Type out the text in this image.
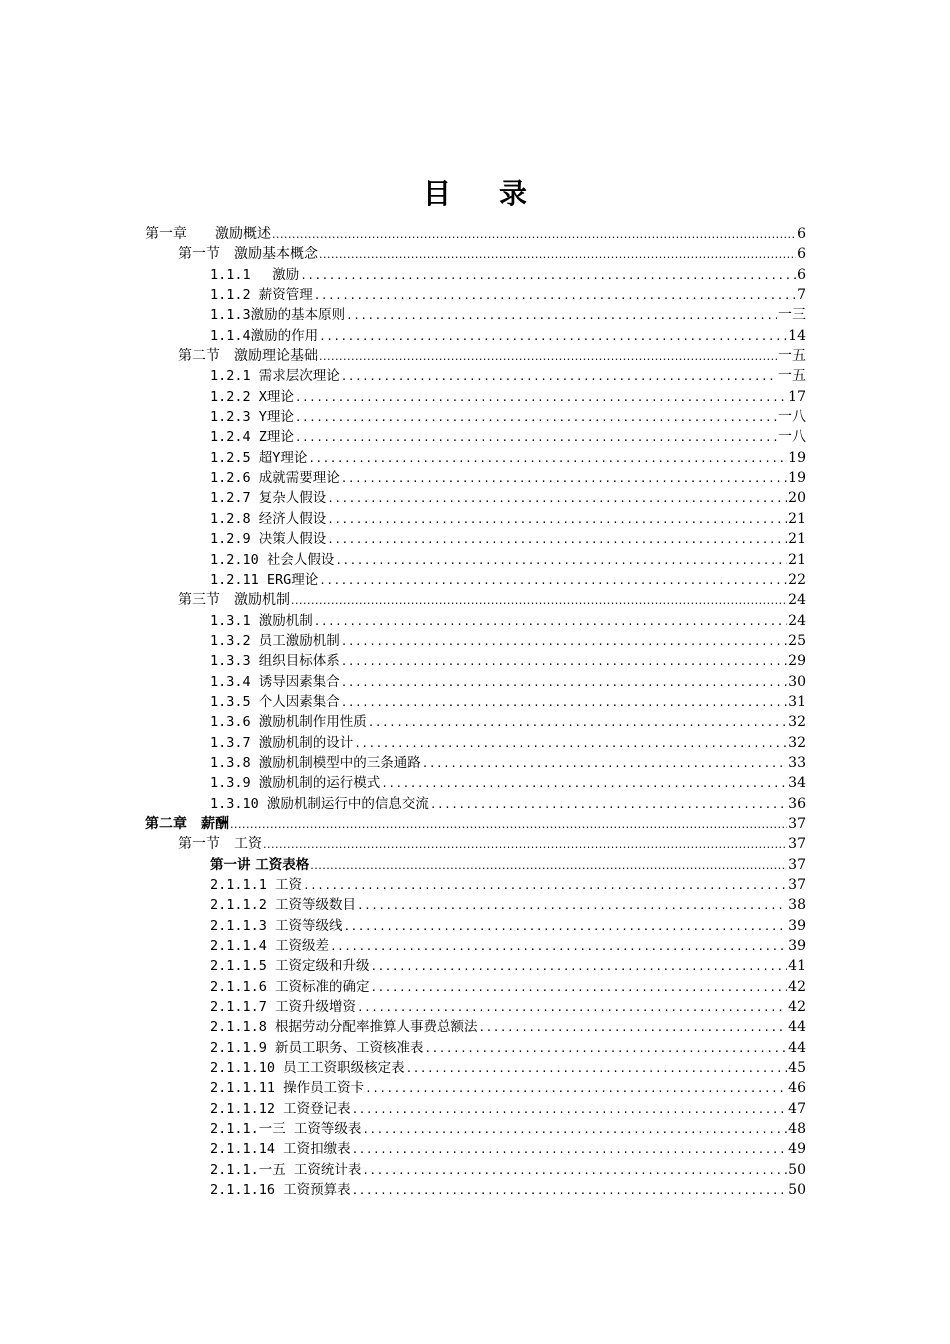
目 录
第一章　　激励概述 .....	6
第一节　激励基本概念 .....	6
1.1.1　 激励 .....	6
1.1.2 薪资管理 .....	7
1.1.3激励的基本原则 .....	一三
1.1.4激励的作用 .....	14
第二节　激励理论基础 .....	一五
1.2.1 需求层次理论 .....	一五
1.2.2 X理论 .....	17
1.2.3 Y理论 .....	一八
1.2.4 Z理论 .....	一八
1.2.5 超Y理论 .....	19
1.2.6 成就需要理论 .....	19
1.2.7 复杂人假设 .....	20
1.2.8 经济人假设 .....	21
1.2.9 决策人假设 .....	21
1.2.10 社会人假设 .....	21
1.2.11 ERG理论 .....	22
第三节　激励机制 .....	24
1.3.1 激励机制 .....	24
1.3.2 员工激励机制 .....	25
1.3.3 组织目标体系 .....	29
1.3.4 诱导因素集合 .....	30
1.3.5 个人因素集合 .....	31
1.3.6 激励机制作用性质 .....	32
1.3.7 激励机制的设计 .....	32
1.3.8 激励机制模型中的三条通路 .....	33
1.3.9 激励机制的运行模式 .....	34
1.3.10 激励机制运行中的信息交流 .....	36
第二章　薪酬 .....	37
第一节　工资 .....	37
第一讲 工资表格 .....	37
2.1.1.1 工资 .....	37
2.1.1.2 工资等级数目 .....	38
2.1.1.3 工资等级线 .....	39
2.1.1.4 工资级差 .....	39
2.1.1.5 工资定级和升级 .....	41
2.1.1.6 工资标准的确定 .....	42
2.1.1.7 工资升级增资 .....	42
2.1.1.8 根据劳动分配率推算人事费总额法 .....	44
2.1.1.9 新员工职务、工资核准表 .....	44
2.1.1.10 员工工资职级核定表 .....	45
2.1.1.11 操作员工资卡 .....	46
2.1.1.12 工资登记表 .....	47
2.1.1.一三 工资等级表 .....	48
2.1.1.14 工资扣缴表 .....	49
2.1.1.一五 工资统计表 .....	50
2.1.1.16 工资预算表 .....	50
